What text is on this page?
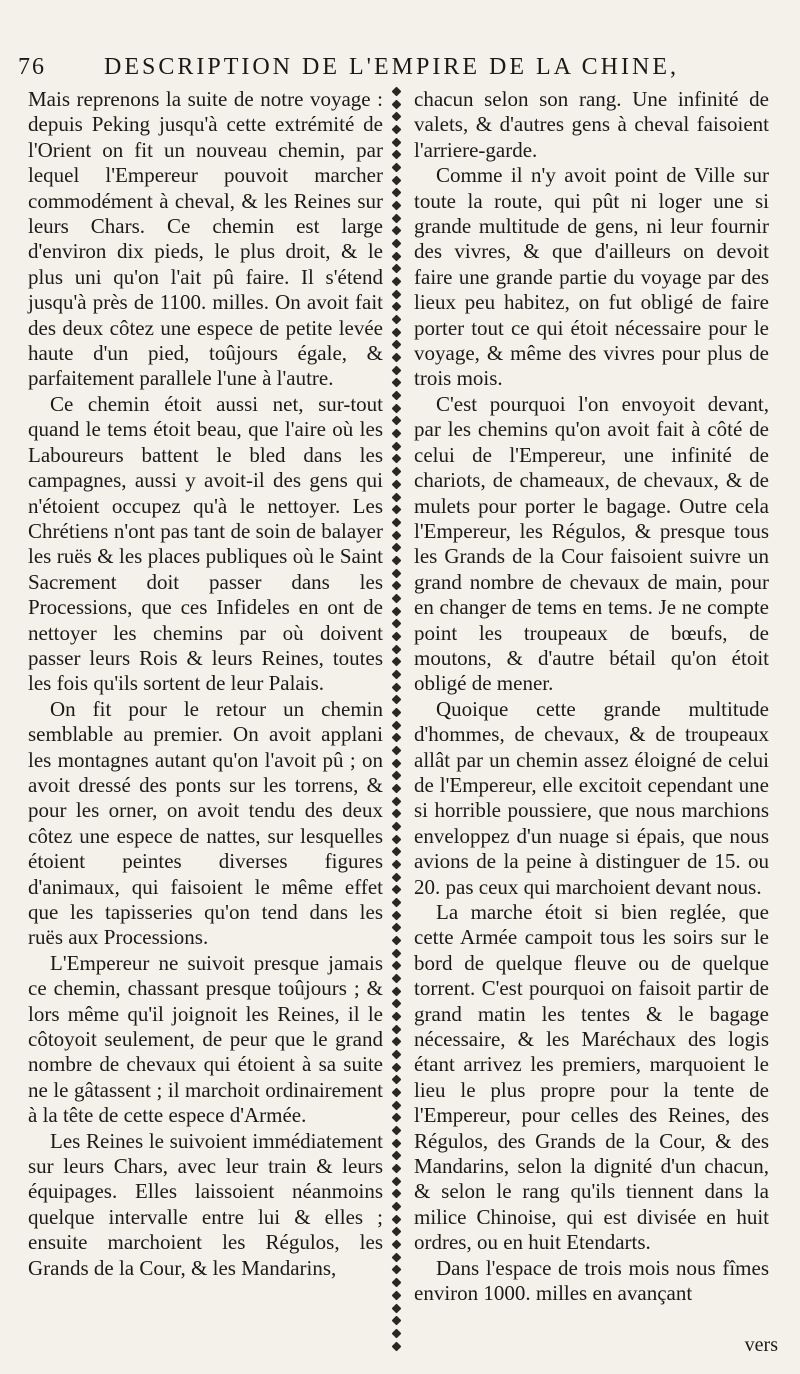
76 DESCRIPTION DE L'EMPIRE DE LA CHINE,

Mais reprenons la suite de notre voyage : depuis Peking jusqu'à cette extrémité de l'Orient on fit un nouveau chemin, par lequel l'Empereur pouvoit marcher commodément à cheval, & les Reines sur leurs Chars. Ce chemin est large d'environ dix pieds, le plus droit, & le plus uni qu'on l'ait pû faire. Il s'étend jusqu'à près de 1100. milles. On avoit fait des deux côtez une espece de petite levée haute d'un pied, toûjours égale, & parfaitement parallele l'une à l'autre.

Ce chemin étoit aussi net, sur-tout quand le tems étoit beau, que l'aire où les Laboureurs battent le bled dans les campagnes, aussi y avoit-il des gens qui n'étoient occupez qu'à le nettoyer. Les Chrétiens n'ont pas tant de soin de balayer les ruës & les places publiques où le Saint Sacrement doit passer dans les Processions, que ces Infideles en ont de nettoyer les chemins par où doivent passer leurs Rois & leurs Reines, toutes les fois qu'ils sortent de leur Palais.

On fit pour le retour un chemin semblable au premier. On avoit applani les montagnes autant qu'on l'avoit pû ; on avoit dressé des ponts sur les torrens, & pour les orner, on avoit tendu des deux côtez une espece de nattes, sur lesquelles étoient peintes diverses figures d'animaux, qui faisoient le même effet que les tapisseries qu'on tend dans les ruës aux Processions.

L'Empereur ne suivoit presque jamais ce chemin, chassant presque toûjours ; & lors même qu'il joignoit les Reines, il le côtoyoit seulement, de peur que le grand nombre de chevaux qui étoient à sa suite ne le gâtassent ; il marchoit ordinairement à la tête de cette espece d'Armée.

Les Reines le suivoient immédiatement sur leurs Chars, avec leur train & leurs équipages. Elles laissoient néanmoins quelque intervalle entre lui & elles ; ensuite marchoient les Régulos, les Grands de la Cour, & les Mandarins,

chacun selon son rang. Une infinité de valets, & d'autres gens à cheval faisoient l'arriere-garde.

Comme il n'y avoit point de Ville sur toute la route, qui pût ni loger une si grande multitude de gens, ni leur fournir des vivres, & que d'ailleurs on devoit faire une grande partie du voyage par des lieux peu habitez, on fut obligé de faire porter tout ce qui étoit nécessaire pour le voyage, & même des vivres pour plus de trois mois.

C'est pourquoi l'on envoyoit devant, par les chemins qu'on avoit fait à côté de celui de l'Empereur, une infinité de chariots, de chameaux, de chevaux, & de mulets pour porter le bagage. Outre cela l'Empereur, les Régulos, & presque tous les Grands de la Cour faisoient suivre un grand nombre de chevaux de main, pour en changer de tems en tems. Je ne compte point les troupeaux de bœufs, de moutons, & d'autre bétail qu'on étoit obligé de mener.

Quoique cette grande multitude d'hommes, de chevaux, & de troupeaux allât par un chemin assez éloigné de celui de l'Empereur, elle excitoit cependant une si horrible poussiere, que nous marchions enveloppez d'un nuage si épais, que nous avions de la peine à distinguer de 15. ou 20. pas ceux qui marchoient devant nous.

La marche étoit si bien reglée, que cette Armée campoit tous les soirs sur le bord de quelque fleuve ou de quelque torrent. C'est pourquoi on faisoit partir de grand matin les tentes & le bagage nécessaire, & les Maréchaux des logis étant arrivez les premiers, marquoient le lieu le plus propre pour la tente de l'Empereur, pour celles des Reines, des Régulos, des Grands de la Cour, & des Mandarins, selon la dignité d'un chacun, & selon le rang qu'ils tiennent dans la milice Chinoise, qui est divisée en huit ordres, ou en huit Etendarts.

Dans l'espace de trois mois nous fîmes environ 1000. milles en avançant

vers
